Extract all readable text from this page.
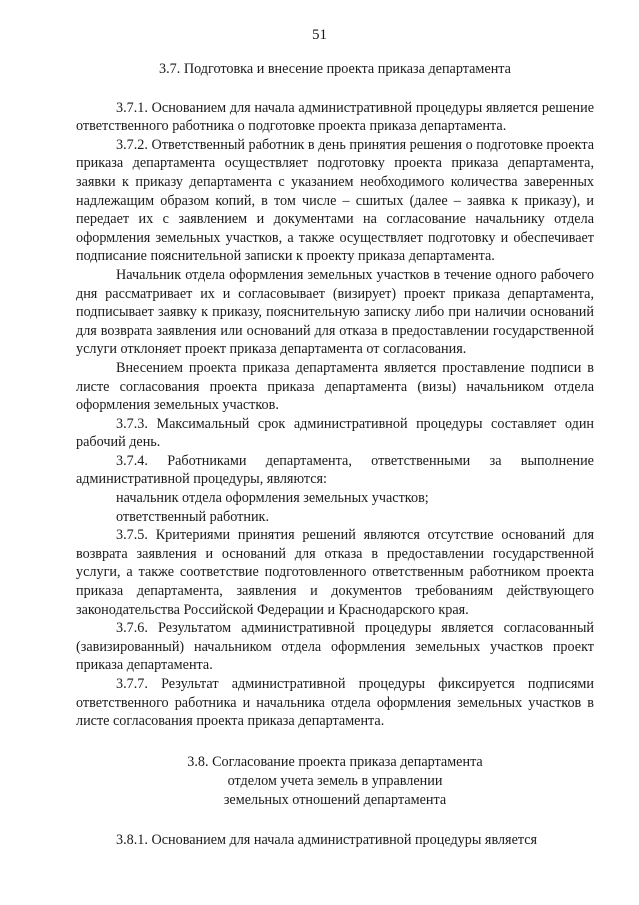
51
3.7. Подготовка и внесение проекта приказа департамента

3.7.1. Основанием для начала административной процедуры является решение ответственного работника о подготовке проекта приказа департамента.

3.7.2. Ответственный работник в день принятия решения о подготовке проекта приказа департамента осуществляет подготовку проекта приказа департамента, заявки к приказу департамента с указанием необходимого количества заверенных надлежащим образом копий, в том числе – сшитых (далее – заявка к приказу), и передает их с заявлением и документами на согласование начальнику отдела оформления земельных участков, а также осуществляет подготовку и обеспечивает подписание пояснительной записки к проекту приказа департамента.

Начальник отдела оформления земельных участков в течение одного рабочего дня рассматривает их и согласовывает (визирует) проект приказа департамента, подписывает заявку к приказу, пояснительную записку либо при наличии оснований для возврата заявления или оснований для отказа в предоставлении государственной услуги отклоняет проект приказа департамента от согласования.

Внесением проекта приказа департамента является проставление подписи в листе согласования проекта приказа департамента (визы) начальником отдела оформления земельных участков.

3.7.3. Максимальный срок административной процедуры составляет один рабочий день.

3.7.4. Работниками департамента, ответственными за выполнение административной процедуры, являются:

начальник отдела оформления земельных участков;

ответственный работник.

3.7.5. Критериями принятия решений являются отсутствие оснований для возврата заявления и оснований для отказа в предоставлении государственной услуги, а также соответствие подготовленного ответственным работником проекта приказа департамента, заявления и документов требованиям действующего законодательства Российской Федерации и Краснодарского края.

3.7.6. Результатом административной процедуры является согласованный (завизированный) начальником отдела оформления земельных участков проект приказа департамента.

3.7.7. Результат административной процедуры фиксируется подписями ответственного работника и начальника отдела оформления земельных участков в листе согласования проекта приказа департамента.

3.8. Согласование проекта приказа департамента
отделом учета земель в управлении
земельных отношений департамента

3.8.1. Основанием для начала административной процедуры является
